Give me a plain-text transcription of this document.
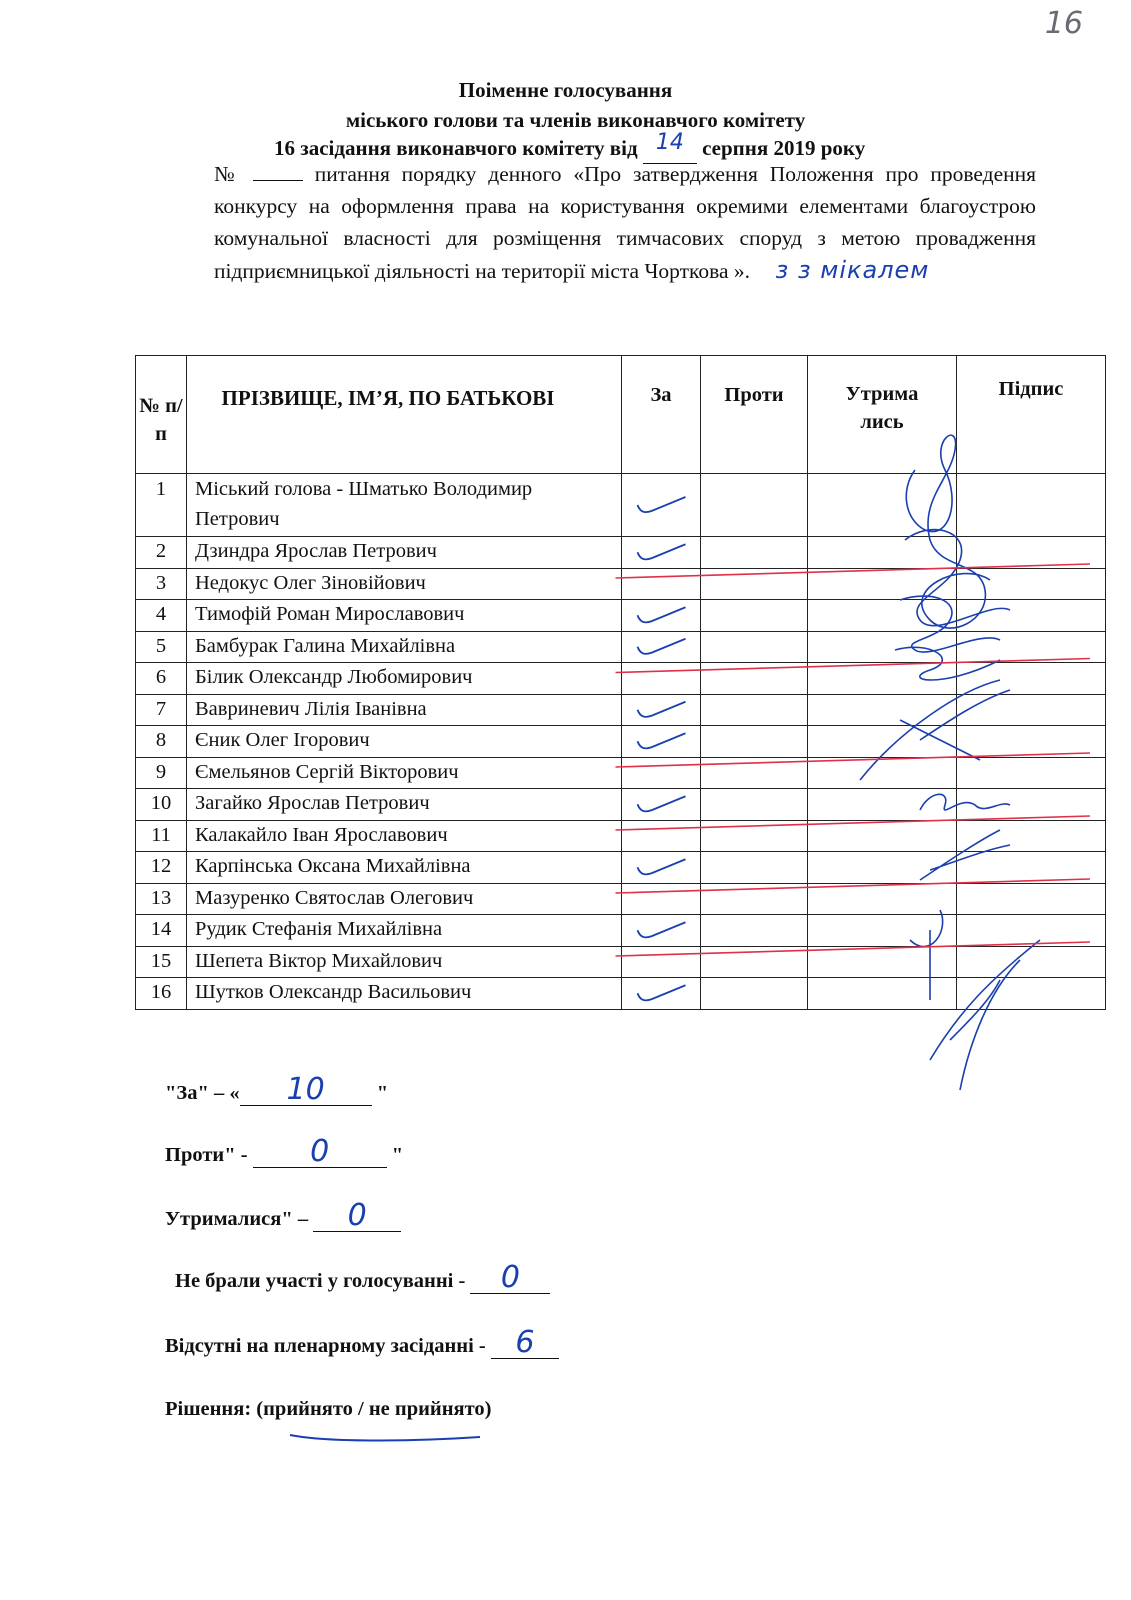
16
Поіменне голосування
міського голови та членів виконавчого комітету
16 засідання виконавчого комітету від 14 серпня 2019 року
№	питання порядку денного «Про затвердження Положення про проведення конкурсу на оформлення права на користування окремими елементами благоустрою комунальної власності для розміщення тимчасових споруд з метою провадження підприємницької діяльності на території міста Чорткова ». з з мікалем
№ п/ п	ПРІЗВИЩЕ, ІМ’Я, ПО БАТЬКОВІ	За	Проти	Утрима лись	Підпис
1	Міський голова - Шматько Володимир Петрович				
2	Дзиндра Ярослав Петрович				
3	Недокус Олег Зіновійович				
4	Тимофій Роман Мирославович				
5	Бамбурак Галина Михайлівна				
6	Білик Олександр Любомирович				
7	Вавриневич Лілія Іванівна				
8	Єник Олег Ігорович				
9	Ємельянов Сергій Вікторович				
10	Загайко Ярослав Петрович				
11	Калакайло Іван Ярославович				
12	Карпінська Оксана Михайлівна				
13	Мазуренко Святослав Олегович				
14	Рудик Стефанія Михайлівна				
15	Шепета Віктор Михайлович				
16	Шутков Олександр Васильович				
"За" – «	10	"
Проти" -	0	"
Утрималися" –	0

Не брали участі у голосуванні -	0

Відсутні на пленарному засіданні - 6

Рішення: (прийнято / не прийнято)
